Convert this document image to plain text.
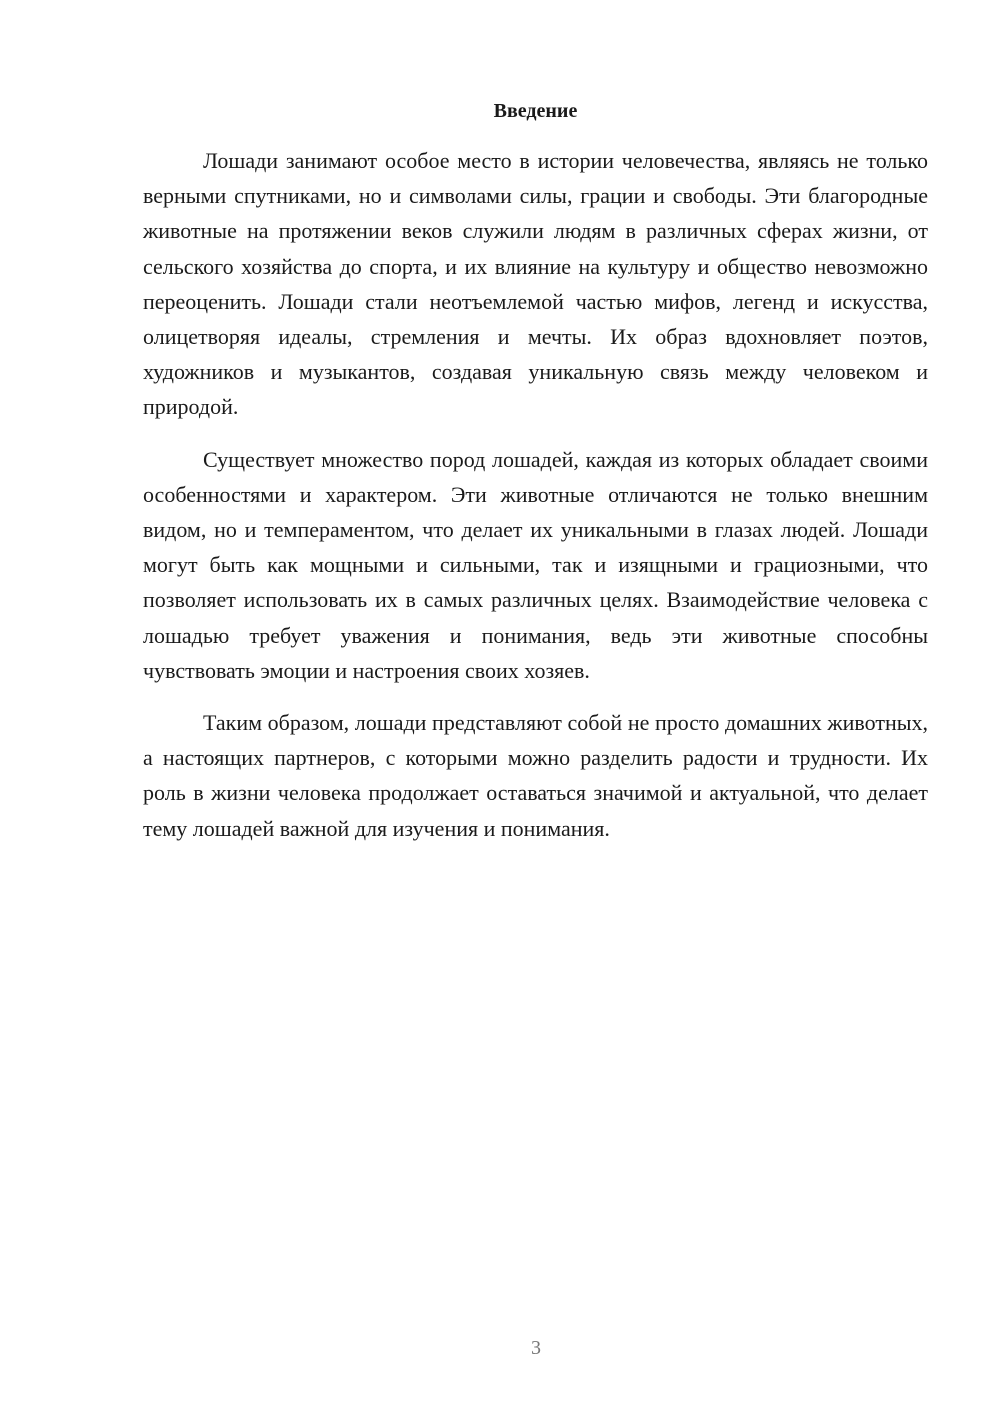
Введение

Лошади занимают особое место в истории человечества, являясь не только верными спутниками, но и символами силы, грации и свободы. Эти благородные животные на протяжении веков служили людям в различных сферах жизни, от сельского хозяйства до спорта, и их влияние на культуру и общество невозможно переоценить. Лошади стали неотъемлемой частью мифов, легенд и искусства, олицетворяя идеалы, стремления и мечты. Их образ вдохновляет поэтов, художников и музыкантов, создавая уникальную связь между человеком и природой.

Существует множество пород лошадей, каждая из которых обладает своими особенностями и характером. Эти животные отличаются не только внешним видом, но и темпераментом, что делает их уникальными в глазах людей. Лошади могут быть как мощными и сильными, так и изящными и грациозными, что позволяет использовать их в самых различных целях. Взаимодействие человека с лошадью требует уважения и понимания, ведь эти животные способны чувствовать эмоции и настроения своих хозяев.

Таким образом, лошади представляют собой не просто домашних животных, а настоящих партнеров, с которыми можно разделить радости и трудности. Их роль в жизни человека продолжает оставаться значимой и актуальной, что делает тему лошадей важной для изучения и понимания.

3
